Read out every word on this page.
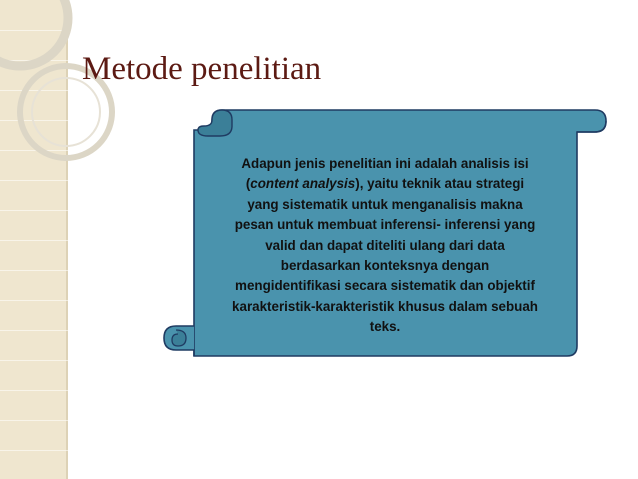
Metode penelitian

Adapun jenis penelitian ini adalah analisis isi
(content analysis), yaitu teknik atau strategi
yang sistematik untuk menganalisis makna
pesan untuk membuat inferensi- inferensi yang
valid dan dapat diteliti ulang dari data
berdasarkan konteksnya dengan
mengidentifikasi secara sistematik dan objektif
karakteristik-karakteristik khusus dalam sebuah
teks.
